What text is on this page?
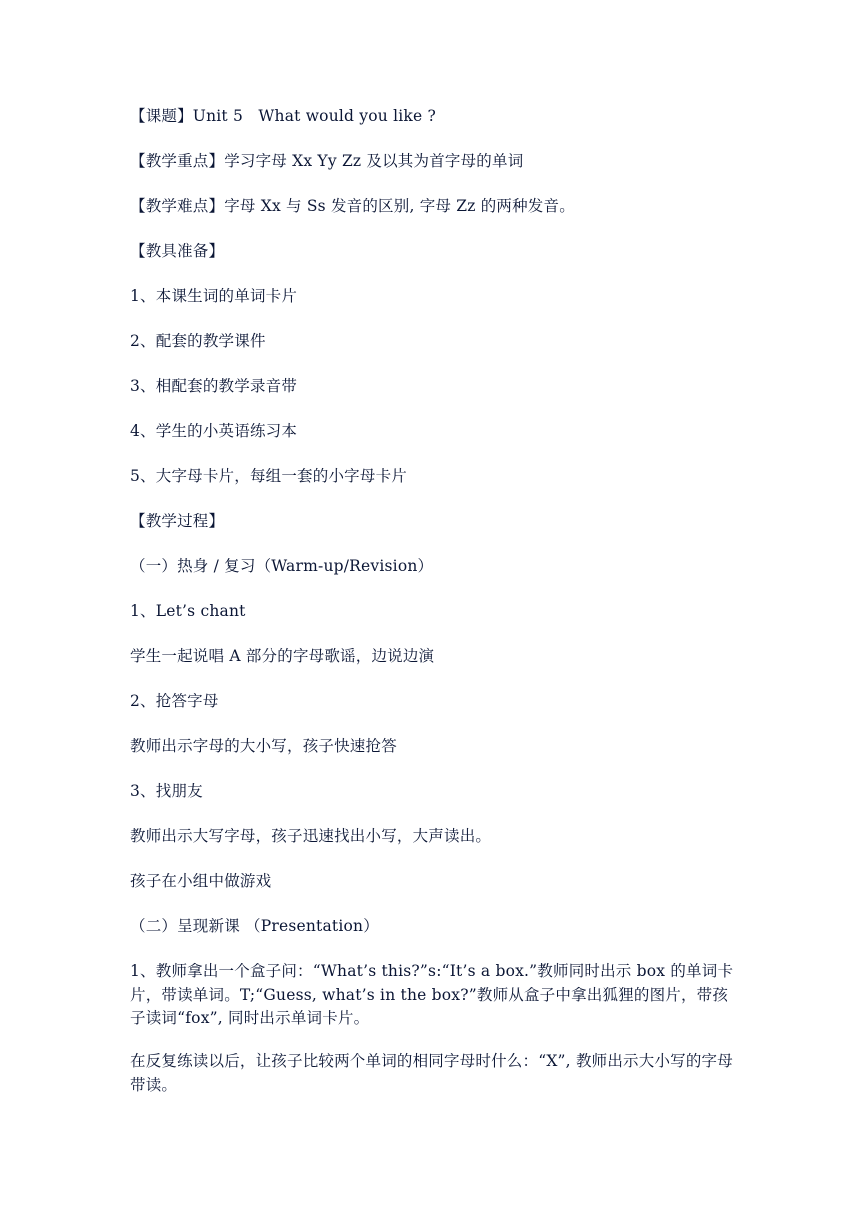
【课题】Unit 5   What would you like ?
【教学重点】学习字母 Xx Yy Zz 及以其为首字母的单词
【教学难点】字母 Xx 与 Ss 发音的区别, 字母 Zz 的两种发音。
【教具准备】
1、本课生词的单词卡片
2、配套的教学课件
3、相配套的教学录音带
4、学生的小英语练习本
5、大字母卡片，每组一套的小字母卡片
【教学过程】
（一）热身 / 复习（Warm-up/Revision）
1、Let’s chant
学生一起说唱 A 部分的字母歌谣，边说边演
2、抢答字母
教师出示字母的大小写，孩子快速抢答
3、找朋友
教师出示大写字母，孩子迅速找出小写，大声读出。
孩子在小组中做游戏
（二）呈现新课 （Presentation）
1、教师拿出一个盒子问：“What’s this?”s:“It’s a box.”教师同时出示 box 的单词卡　　片，带读单词。T;“Guess, what’s in the box?”教师从盒子中拿出狐狸的图片，带孩子读词“fox”, 同时出示单词卡片。
在反复练读以后，让孩子比较两个单词的相同字母时什么：“X”, 教师出示大小写的字母带读。
